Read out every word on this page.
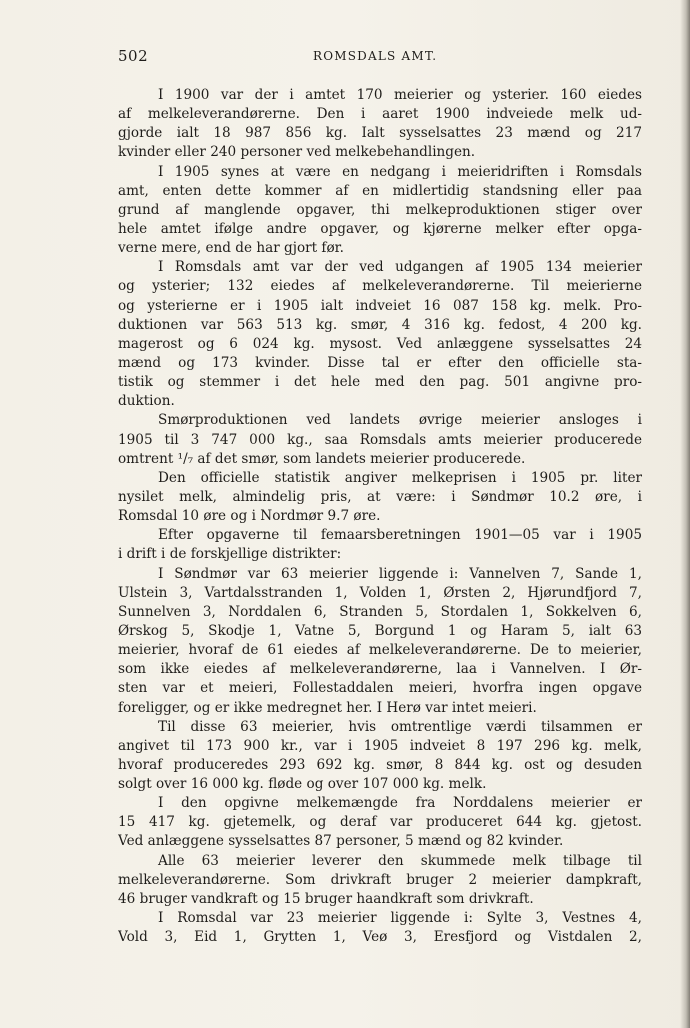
502	ROMSDALS AMT.
I 1900 var der i amtet 170 meierier og ysterier. 160 eiedes
af melkeleverandørerne. Den i aaret 1900 indveiede melk ud-
gjorde ialt 18 987 856 kg. Ialt sysselsattes 23 mænd og 217
kvinder eller 240 personer ved melkebehandlingen.
I 1905 synes at være en nedgang i meieridriften i Romsdals
amt, enten dette kommer af en midlertidig standsning eller paa
grund af manglende opgaver, thi melkeproduktionen stiger over
hele amtet ifølge andre opgaver, og kjørerne melker efter opga-
verne mere, end de har gjort før.
I Romsdals amt var der ved udgangen af 1905 134 meierier
og ysterier; 132 eiedes af melkeleverandørerne. Til meierierne
og ysterierne er i 1905 ialt indveiet 16 087 158 kg. melk. Pro-
duktionen var 563 513 kg. smør, 4 316 kg. fedost, 4 200 kg.
magerost og 6 024 kg. mysost. Ved anlæggene sysselsattes 24
mænd og 173 kvinder. Disse tal er efter den officielle sta-
tistik og stemmer i det hele med den pag. 501 angivne pro-
duktion.
Smørproduktionen ved landets øvrige meierier ansloges i
1905 til 3 747 000 kg., saa Romsdals amts meierier producerede
omtrent ¹/₇ af det smør, som landets meierier producerede.
Den officielle statistik angiver melkeprisen i 1905 pr. liter
nysilet melk, almindelig pris, at være: i Søndmør 10.2 øre, i
Romsdal 10 øre og i Nordmør 9.7 øre.
Efter opgaverne til femaarsberetningen 1901—05 var i 1905
i drift i de forskjellige distrikter:
I Søndmør var 63 meierier liggende i: Vannelven 7, Sande 1,
Ulstein 3, Vartdalsstranden 1, Volden 1, Ørsten 2, Hjørundfjord 7,
Sunnelven 3, Norddalen 6, Stranden 5, Stordalen 1, Sokkelven 6,
Ørskog 5, Skodje 1, Vatne 5, Borgund 1 og Haram 5, ialt 63
meierier, hvoraf de 61 eiedes af melkeleverandørerne. De to meierier,
som ikke eiedes af melkeleverandørerne, laa i Vannelven. I Ør-
sten var et meieri, Follestaddalen meieri, hvorfra ingen opgave
foreligger, og er ikke medregnet her. I Herø var intet meieri.
Til disse 63 meierier, hvis omtrentlige værdi tilsammen er
angivet til 173 900 kr., var i 1905 indveiet 8 197 296 kg. melk,
hvoraf produceredes 293 692 kg. smør, 8 844 kg. ost og desuden
solgt over 16 000 kg. fløde og over 107 000 kg. melk.
I den opgivne melkemængde fra Norddalens meierier er
15 417 kg. gjetemelk, og deraf var produceret 644 kg. gjetost.
Ved anlæggene sysselsattes 87 personer, 5 mænd og 82 kvinder.
Alle 63 meierier leverer den skummede melk tilbage til
melkeleverandørerne. Som drivkraft bruger 2 meierier dampkraft,
46 bruger vandkraft og 15 bruger haandkraft som drivkraft.
I Romsdal var 23 meierier liggende i: Sylte 3, Vestnes 4,
Vold 3, Eid 1, Grytten 1, Veø 3, Eresfjord og Vistdalen 2,
